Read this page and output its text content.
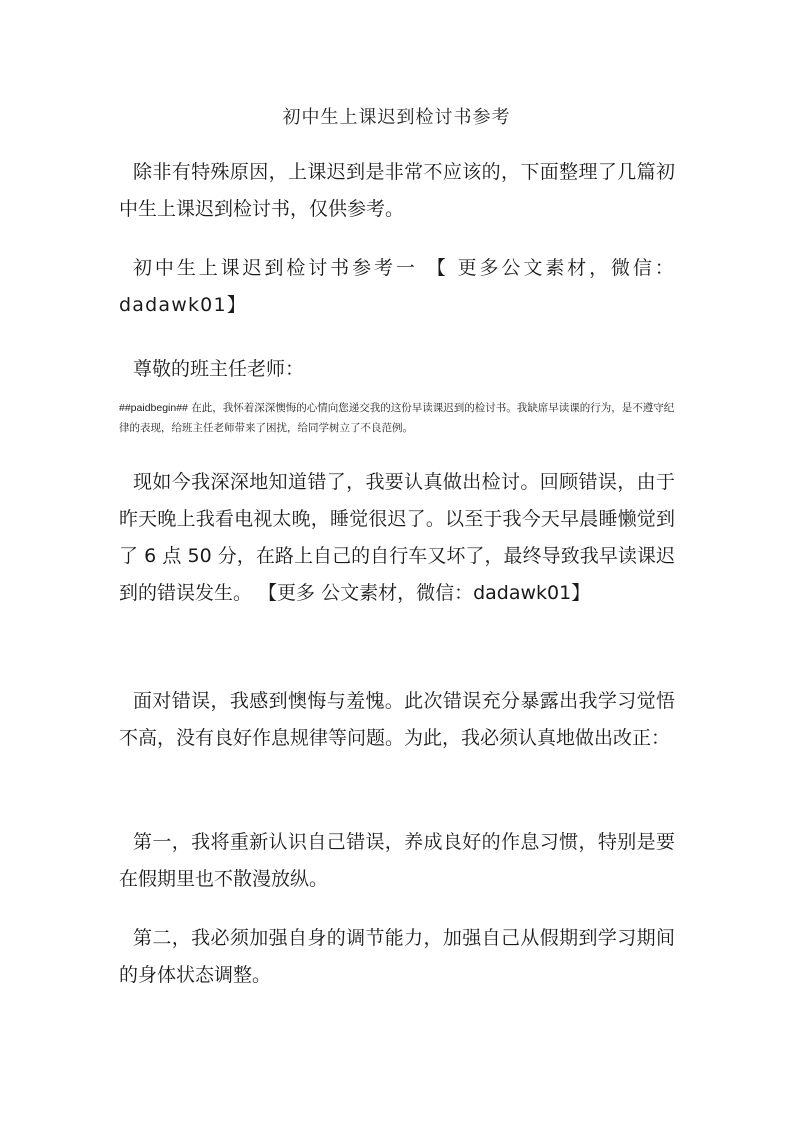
初中生上课迟到检讨书参考

除非有特殊原因，上课迟到是非常不应该的，下面整理了几篇初中生上课迟到检讨书，仅供参考。

初中生上课迟到检讨书参考一 【 更多公文素材，微信：dadawk01】

尊敬的班主任老师：

##paidbegin## 在此，我怀着深深懊悔的心情向您递交我的这份早读课迟到的检讨书。我缺席早读课的行为，是不遵守纪律的表现，给班主任老师带来了困扰，给同学树立了不良范例。

现如今我深深地知道错了，我要认真做出检讨。回顾错误，由于昨天晚上我看电视太晚，睡觉很迟了。以至于我今天早晨睡懒觉到了 6 点 50 分，在路上自己的自行车又坏了，最终导致我早读课迟到的错误发生。 【更多 公文素材，微信：dadawk01】

面对错误，我感到懊悔与羞愧。此次错误充分暴露出我学习觉悟不高，没有良好作息规律等问题。为此，我必须认真地做出改正：

第一，我将重新认识自己错误，养成良好的作息习惯，特别是要在假期里也不散漫放纵。

第二，我必须加强自身的调节能力，加强自己从假期到学习期间的身体状态调整。
